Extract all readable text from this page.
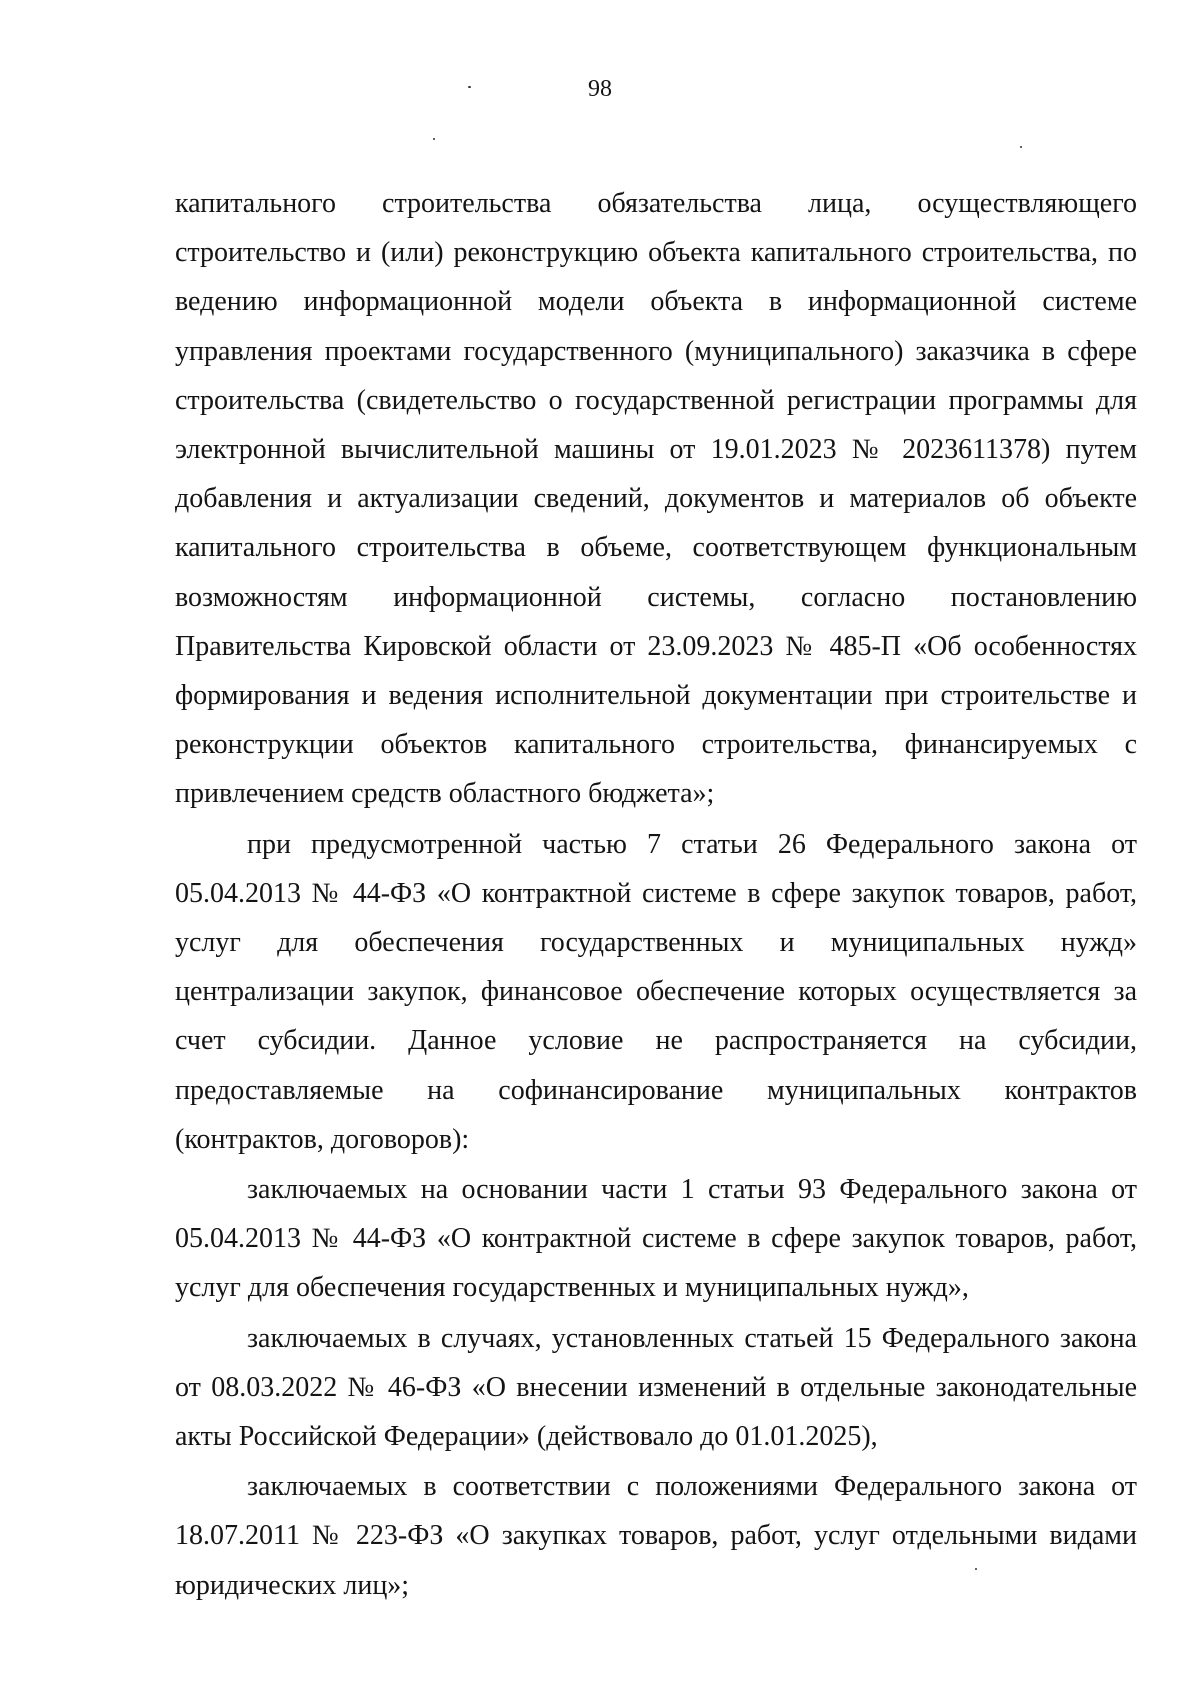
98

капитального строительства обязательства лица, осуществляющего строительство и (или) реконструкцию объекта капитального строительства, по ведению информационной модели объекта в информационной системе управления проектами государственного (муниципального) заказчика в сфере строительства (свидетельство о государственной регистрации программы для электронной вычислительной машины от 19.01.2023 № 2023611378) путем добавления и актуализации сведений, документов и материалов об объекте капитального строительства в объеме, соответствующем функциональным возможностям информационной системы, согласно постановлению Правительства Кировской области от 23.09.2023 № 485-П «Об особенностях формирования и ведения исполнительной документации при строительстве и реконструкции объектов капитального строительства, финансируемых с привлечением средств областного бюджета»;

при предусмотренной частью 7 статьи 26 Федерального закона от 05.04.2013 № 44-ФЗ «О контрактной системе в сфере закупок товаров, работ, услуг для обеспечения государственных и муниципальных нужд» централизации закупок, финансовое обеспечение которых осуществляется за счет субсидии. Данное условие не распространяется на субсидии, предоставляемые на софинансирование муниципальных контрактов (контрактов, договоров):

заключаемых на основании части 1 статьи 93 Федерального закона от 05.04.2013 № 44-ФЗ «О контрактной системе в сфере закупок товаров, работ, услуг для обеспечения государственных и муниципальных нужд»,

заключаемых в случаях, установленных статьей 15 Федерального закона от 08.03.2022 № 46-ФЗ «О внесении изменений в отдельные законодательные акты Российской Федерации» (действовало до 01.01.2025),

заключаемых в соответствии с положениями Федерального закона от 18.07.2011 № 223-ФЗ «О закупках товаров, работ, услуг отдельными видами юридических лиц»;
